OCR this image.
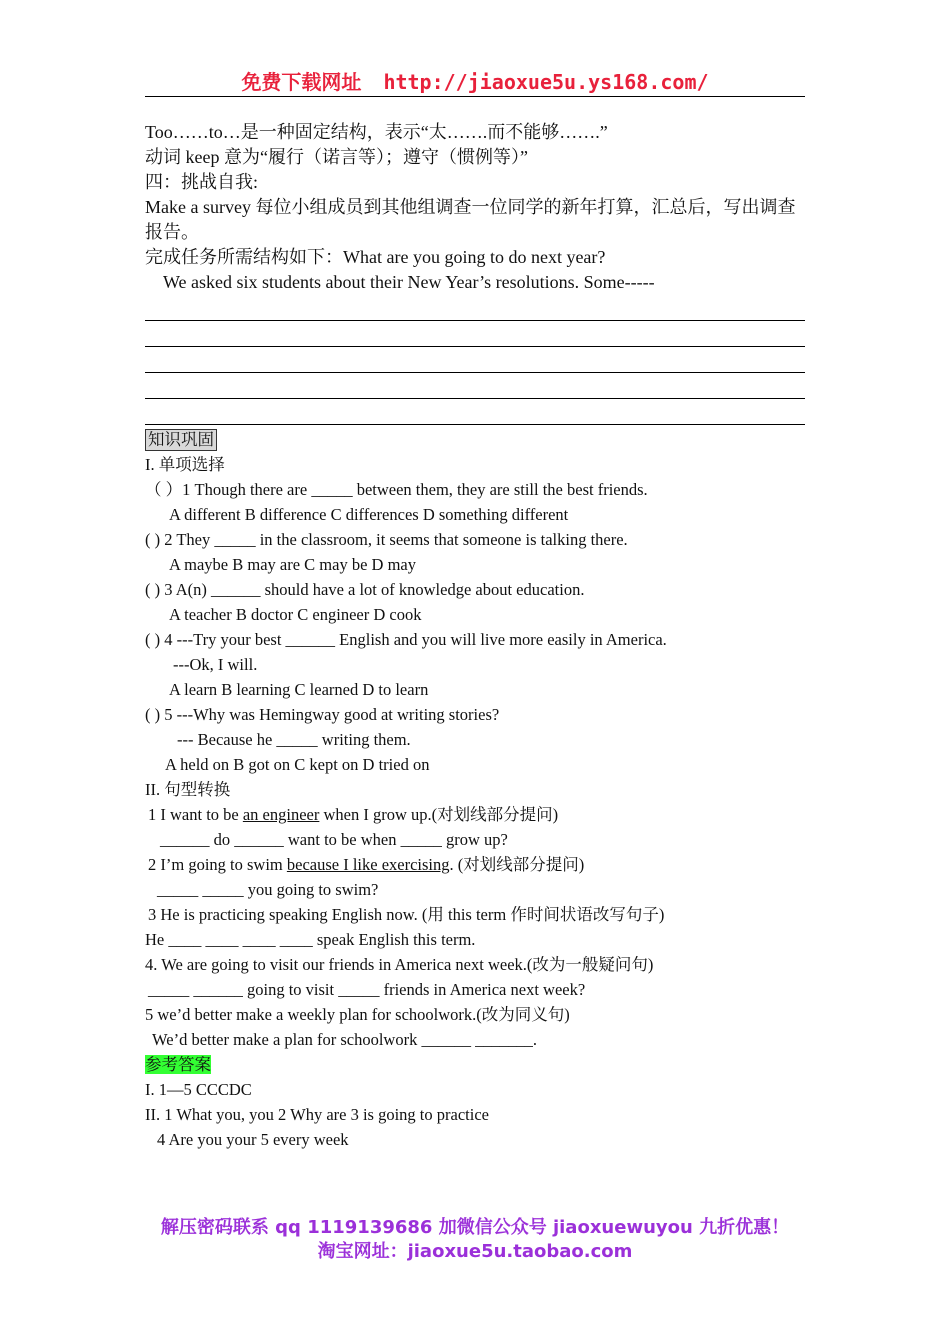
免费下载网址 http://jiaoxue5u.ys168.com/
Too……to…是一种固定结构，表示“太…….而不能够…….”
动词 keep 意为“履行（诺言等）；遵守（惯例等）”
四：挑战自我:
Make a survey 每位小组成员到其他组调查一位同学的新年打算，汇总后，写出调查报告。
完成任务所需结构如下：What are you going to do next year?
We asked six students about their New Year’s resolutions. Some-----
知识巩固
I. 单项选择
（ ）1 Though there are _____ between them, they are still the best friends.
A different B difference C differences D something different
( ) 2 They _____ in the classroom, it seems that someone is talking there.
A maybe B may are C may be D may
( ) 3 A(n) ______ should have a lot of knowledge about education.
A teacher B doctor C engineer D cook
( ) 4 ---Try your best ______ English and you will live more easily in America.
---Ok, I will.
A learn B learning C learned D to learn
( ) 5 ---Why was Hemingway good at writing stories?
--- Because he _____ writing them.
A held on B got on C kept on D tried on
II. 句型转换
1 I want to be an engineer when I grow up.(对划线部分提问)
______ do ______ want to be when _____ grow up?
2 I’m going to swim because I like exercising. (对划线部分提问)
_____ _____ you going to swim?
3 He is practicing speaking English now. (用 this term 作时间状语改写句子)
He ____ ____ ____ ____ speak English this term.
4. We are going to visit our friends in America next week.(改为一般疑问句)
_____ ______ going to visit _____ friends in America next week?
5 we’d better make a weekly plan for schoolwork.(改为同义句)
We’d better make a plan for schoolwork ______ _______.
参考答案
I. 1—5 CCCDC
II. 1 What you, you 2 Why are 3 is going to practice
4 Are you your 5 every week
解压密码联系 qq 1119139686 加微信公众号 jiaoxuewuyou 九折优惠！
淘宝网址：jiaoxue5u.taobao.com
